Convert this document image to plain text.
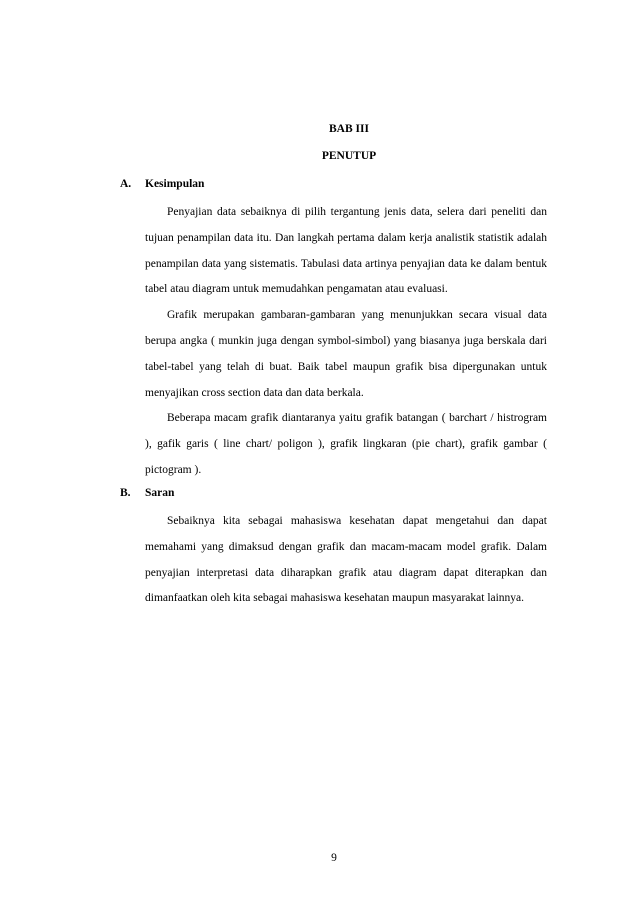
BAB III
PENUTUP
A. Kesimpulan

Penyajian data sebaiknya di pilih tergantung jenis data, selera dari peneliti dan tujuan penampilan data itu. Dan langkah pertama dalam kerja analistik statistik adalah penampilan data yang sistematis. Tabulasi data artinya penyajian data ke dalam bentuk tabel atau diagram untuk memudahkan pengamatan atau evaluasi.

Grafik merupakan gambaran-gambaran yang menunjukkan secara visual data berupa angka ( munkin juga dengan symbol-simbol) yang biasanya juga berskala dari tabel-tabel yang telah di buat. Baik tabel maupun grafik bisa dipergunakan untuk menyajikan cross section data dan data berkala.

Beberapa macam grafik diantaranya yaitu grafik batangan ( barchart / histrogram ), gafik garis ( line chart/ poligon ), grafik lingkaran (pie chart), grafik gambar ( pictogram ).

B. Saran

Sebaiknya kita sebagai mahasiswa kesehatan dapat mengetahui dan dapat memahami yang dimaksud dengan grafik dan macam-macam model grafik. Dalam penyajian interpretasi data diharapkan grafik atau diagram dapat diterapkan dan dimanfaatkan oleh kita sebagai mahasiswa kesehatan maupun masyarakat lainnya.

9
